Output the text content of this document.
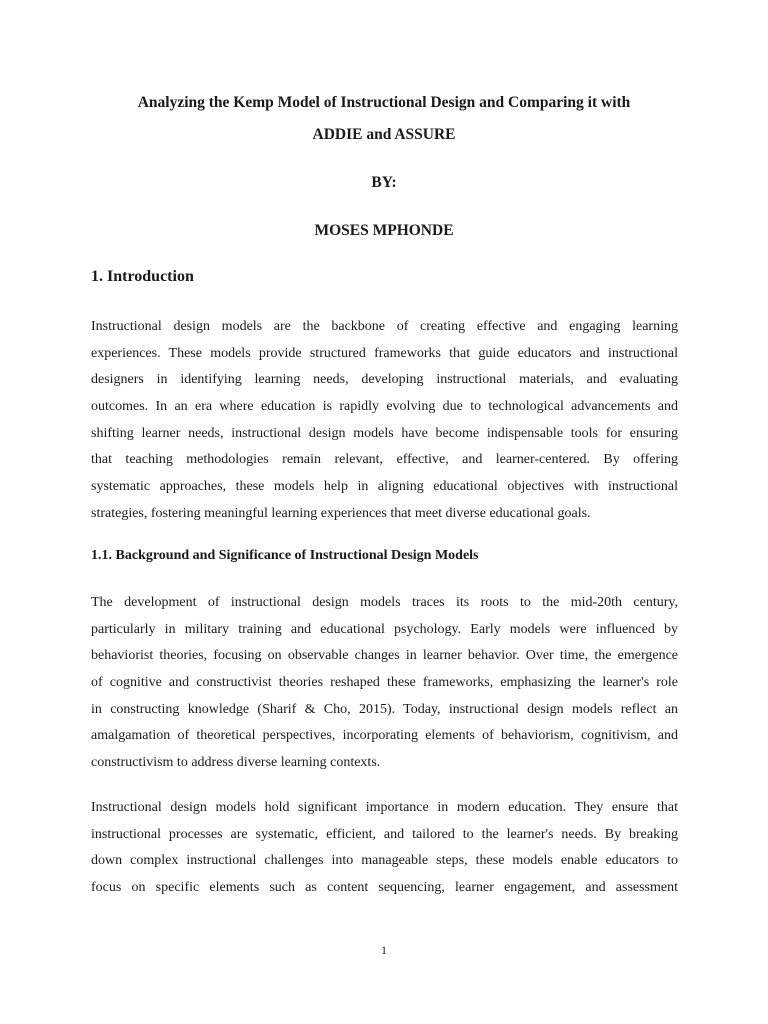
Analyzing the Kemp Model of Instructional Design and Comparing it with

ADDIE and ASSURE

BY:

MOSES MPHONDE

1. Introduction
Instructional design models are the backbone of creating effective and engaging learning
experiences. These models provide structured frameworks that guide educators and instructional
designers in identifying learning needs, developing instructional materials, and evaluating
outcomes. In an era where education is rapidly evolving due to technological advancements and
shifting learner needs, instructional design models have become indispensable tools for ensuring
that teaching methodologies remain relevant, effective, and learner-centered. By offering
systematic approaches, these models help in aligning educational objectives with instructional
strategies, fostering meaningful learning experiences that meet diverse educational goals.
1.1. Background and Significance of Instructional Design Models
The development of instructional design models traces its roots to the mid-20th century,
particularly in military training and educational psychology. Early models were influenced by
behaviorist theories, focusing on observable changes in learner behavior. Over time, the emergence
of cognitive and constructivist theories reshaped these frameworks, emphasizing the learner's role
in constructing knowledge (Sharif & Cho, 2015). Today, instructional design models reflect an
amalgamation of theoretical perspectives, incorporating elements of behaviorism, cognitivism, and
constructivism to address diverse learning contexts.
Instructional design models hold significant importance in modern education. They ensure that
instructional processes are systematic, efficient, and tailored to the learner's needs. By breaking
down complex instructional challenges into manageable steps, these models enable educators to
focus on specific elements such as content sequencing, learner engagement, and assessment

1
